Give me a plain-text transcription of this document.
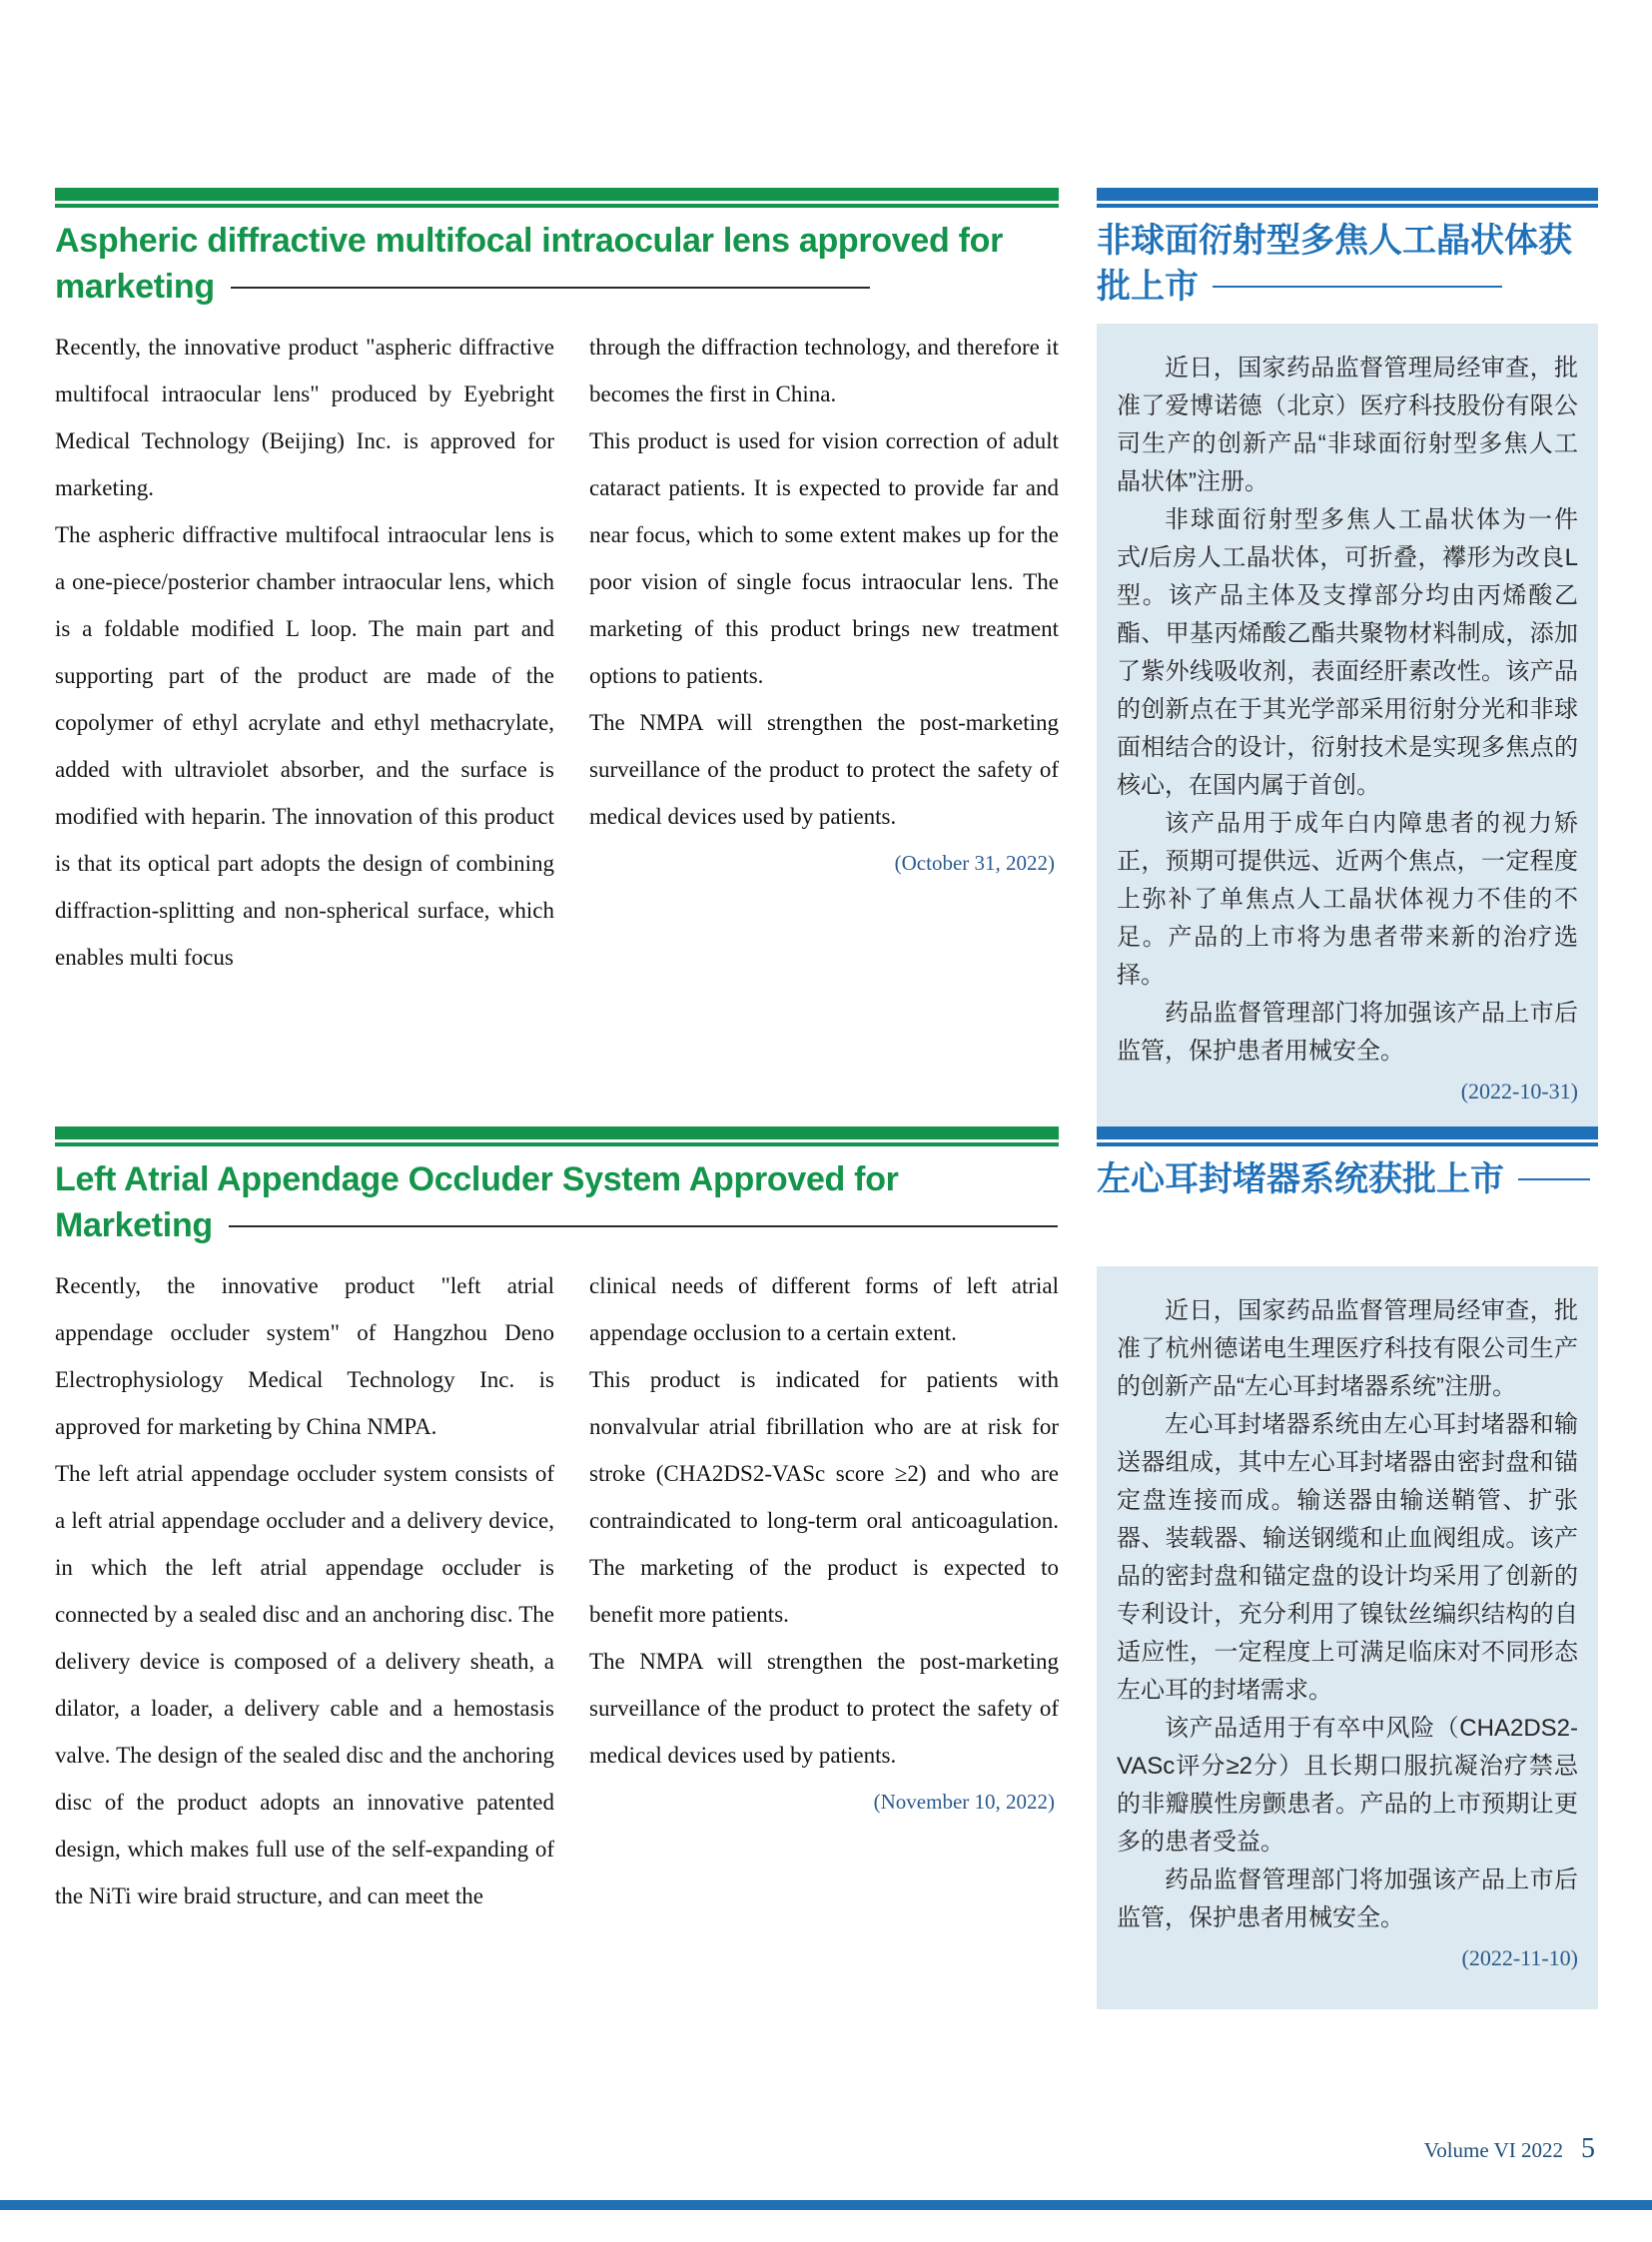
Aspheric diffractive multifocal intraocular lens approved for marketing

Recently, the innovative product "aspheric diffractive multifocal intraocular lens" produced by Eyebright Medical Technology (Beijing) Inc. is approved for marketing.

The aspheric diffractive multifocal intraocular lens is a one-piece/posterior chamber intraocular lens, which is a foldable modified L loop. The main part and supporting part of the product are made of the copolymer of ethyl acrylate and ethyl methacrylate, added with ultraviolet absorber, and the surface is modified with heparin. The innovation of this product is that its optical part adopts the design of combining diffraction-splitting and non-spherical surface, which enables multi focus

through the diffraction technology, and therefore it becomes the first in China.

This product is used for vision correction of adult cataract patients. It is expected to provide far and near focus, which to some extent makes up for the poor vision of single focus intraocular lens. The marketing of this product brings new treatment options to patients.

The NMPA will strengthen the post-marketing surveillance of the product to protect the safety of medical devices used by patients.

(October 31, 2022)
非球面衍射型多焦人工晶状体获批上市

近日，国家药品监督管理局经审查，批准了爱博诺德（北京）医疗科技股份有限公司生产的创新产品“非球面衍射型多焦人工晶状体”注册。

非球面衍射型多焦人工晶状体为一件式/后房人工晶状体，可折叠，襻形为改良L型。该产品主体及支撑部分均由丙烯酸乙酯、甲基丙烯酸乙酯共聚物材料制成，添加了紫外线吸收剂，表面经肝素改性。该产品的创新点在于其光学部采用衍射分光和非球面相结合的设计，衍射技术是实现多焦点的核心，在国内属于首创。

该产品用于成年白内障患者的视力矫正，预期可提供远、近两个焦点，一定程度上弥补了单焦点人工晶状体视力不佳的不足。产品的上市将为患者带来新的治疗选择。

药品监督管理部门将加强该产品上市后监管，保护患者用械安全。

(2022-10-31)

Left Atrial Appendage Occluder System Approved for Marketing

Recently, the innovative product "left atrial appendage occluder system" of Hangzhou Deno Electrophysiology Medical Technology Inc. is approved for marketing by China NMPA.

The left atrial appendage occluder system consists of a left atrial appendage occluder and a delivery device, in which the left atrial appendage occluder is connected by a sealed disc and an anchoring disc. The delivery device is composed of a delivery sheath, a dilator, a loader, a delivery cable and a hemostasis valve. The design of the sealed disc and the anchoring disc of the product adopts an innovative patented design, which makes full use of the self-expanding of the NiTi wire braid structure, and can meet the

clinical needs of different forms of left atrial appendage occlusion to a certain extent.

This product is indicated for patients with nonvalvular atrial fibrillation who are at risk for stroke (CHA2DS2-VASc score ≥2) and who are contraindicated to long-term oral anticoagulation. The marketing of the product is expected to benefit more patients.

The NMPA will strengthen the post-marketing surveillance of the product to protect the safety of medical devices used by patients.

(November 10, 2022)
左心耳封堵器系统获批上市

近日，国家药品监督管理局经审查，批准了杭州德诺电生理医疗科技有限公司生产的创新产品“左心耳封堵器系统”注册。

左心耳封堵器系统由左心耳封堵器和输送器组成，其中左心耳封堵器由密封盘和锚定盘连接而成。输送器由输送鞘管、扩张器、装载器、输送钢缆和止血阀组成。该产品的密封盘和锚定盘的设计均采用了创新的专利设计，充分利用了镍钛丝编织结构的自适应性，一定程度上可满足临床对不同形态左心耳的封堵需求。

该产品适用于有卒中风险（CHA2DS2-VASc评分≥2分）且长期口服抗凝治疗禁忌的非瓣膜性房颤患者。产品的上市预期让更多的患者受益。

药品监督管理部门将加强该产品上市后监管，保护患者用械安全。

(2022-11-10)

Volume VI 2022 5
